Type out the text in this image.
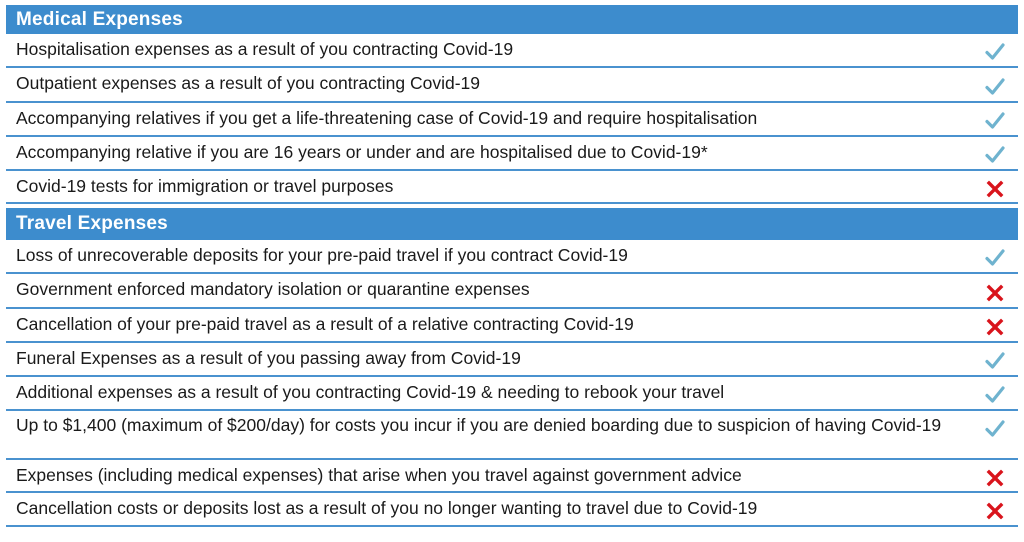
Medical Expenses
Hospitalisation expenses as a result of you contracting Covid-19
Outpatient expenses as a result of you contracting Covid-19
Accompanying relatives if you get a life-threatening case of Covid-19 and require hospitalisation
Accompanying relative if you are 16 years or under and are hospitalised due to Covid-19*
Covid-19 tests for immigration or travel purposes
Travel Expenses
Loss of unrecoverable deposits for your pre-paid travel if you contract Covid-19
Government enforced mandatory isolation or quarantine expenses
Cancellation of your pre-paid travel as a result of a relative contracting Covid-19
Funeral Expenses as a result of you passing away from Covid-19
Additional expenses as a result of you contracting Covid-19 & needing to rebook your travel
Up to $1,400 (maximum of $200/day) for costs you incur if you are denied boarding due to suspicion of having Covid-19
Expenses (including medical expenses) that arise when you travel against government advice
Cancellation costs or deposits lost as a result of you no longer wanting to travel due to Covid-19
